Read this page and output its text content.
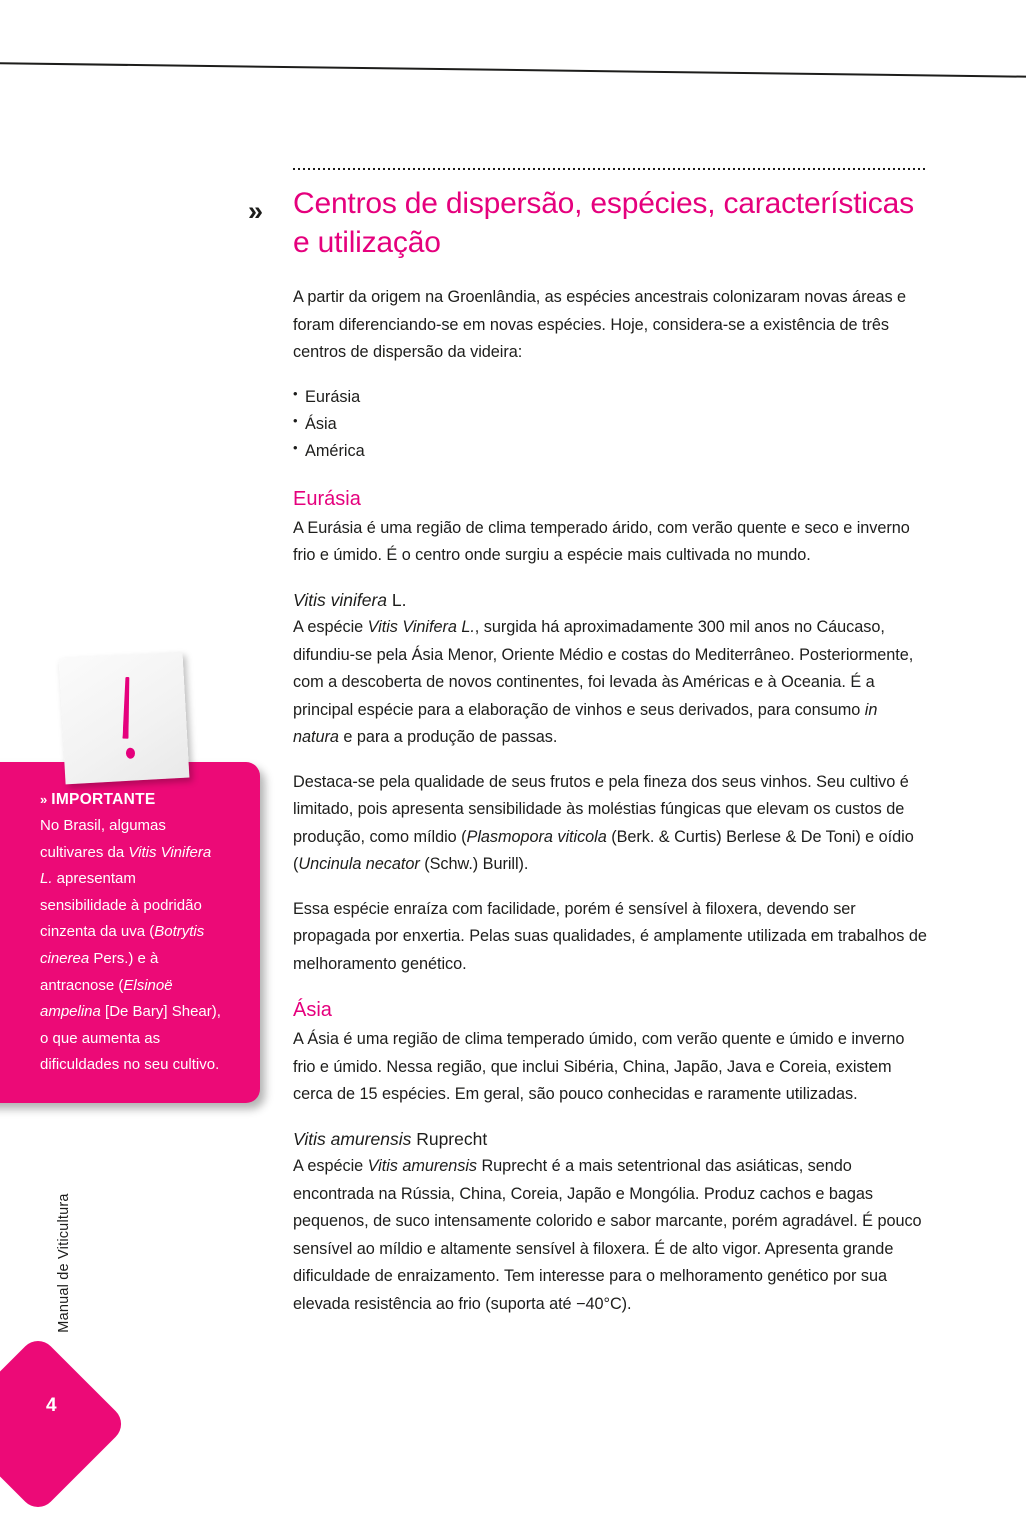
» Centros de dispersão, espécies, características e utilização

A partir da origem na Groenlândia, as espécies ancestrais colonizaram novas áreas e foram diferenciando-se em novas espécies. Hoje, considera-se a existência de três centros de dispersão da videira:

• Eurásia
• Ásia
• América
Eurásia

A Eurásia é uma região de clima temperado árido, com verão quente e seco e inverno frio e úmido. É o centro onde surgiu a espécie mais cultivada no mundo.

Vitis vinifera L.

A espécie Vitis Vinifera L., surgida há aproximadamente 300 mil anos no Cáucaso, difundiu-se pela Ásia Menor, Oriente Médio e costas do Mediterrâneo. Posteriormente, com a descoberta de novos continentes, foi levada às Américas e à Oceania. É a principal espécie para a elaboração de vinhos e seus derivados, para consumo in natura e para a produção de passas.

Destaca-se pela qualidade de seus frutos e pela fineza dos seus vinhos. Seu cultivo é limitado, pois apresenta sensibilidade às moléstias fúngicas que elevam os custos de produção, como míldio (Plasmopora viticola (Berk. & Curtis) Berlese & De Toni) e oídio (Uncinula necator (Schw.) Burill).

Essa espécie enraíza com facilidade, porém é sensível à filoxera, devendo ser propagada por enxertia. Pelas suas qualidades, é amplamente utilizada em trabalhos de melhoramento genético.

Ásia

A Ásia é uma região de clima temperado úmido, com verão quente e úmido e inverno frio e úmido. Nessa região, que inclui Sibéria, China, Japão, Java e Coreia, existem cerca de 15 espécies. Em geral, são pouco conhecidas e raramente utilizadas.

Vitis amurensis Ruprecht

A espécie Vitis amurensis Ruprecht é a mais setentrional das asiáticas, sendo encontrada na Rússia, China, Coreia, Japão e Mongólia. Produz cachos e bagas pequenos, de suco intensamente colorido e sabor marcante, porém agradável. É pouco sensível ao míldio e altamente sensível à filoxera. É de alto vigor. Apresenta grande dificuldade de enraizamento. Tem interesse para o melhoramento genético por sua elevada resistência ao frio (suporta até −40°C).

» IMPORTANTE

No Brasil, algumas cultivares da Vitis Vinifera L. apresentam sensibilidade à podridão cinzenta da uva (Botrytis cinerea Pers.) e à antracnose (Elsinoë ampelina [De Bary] Shear), o que aumenta as dificuldades no seu cultivo.

Manual de Viticultura
4
